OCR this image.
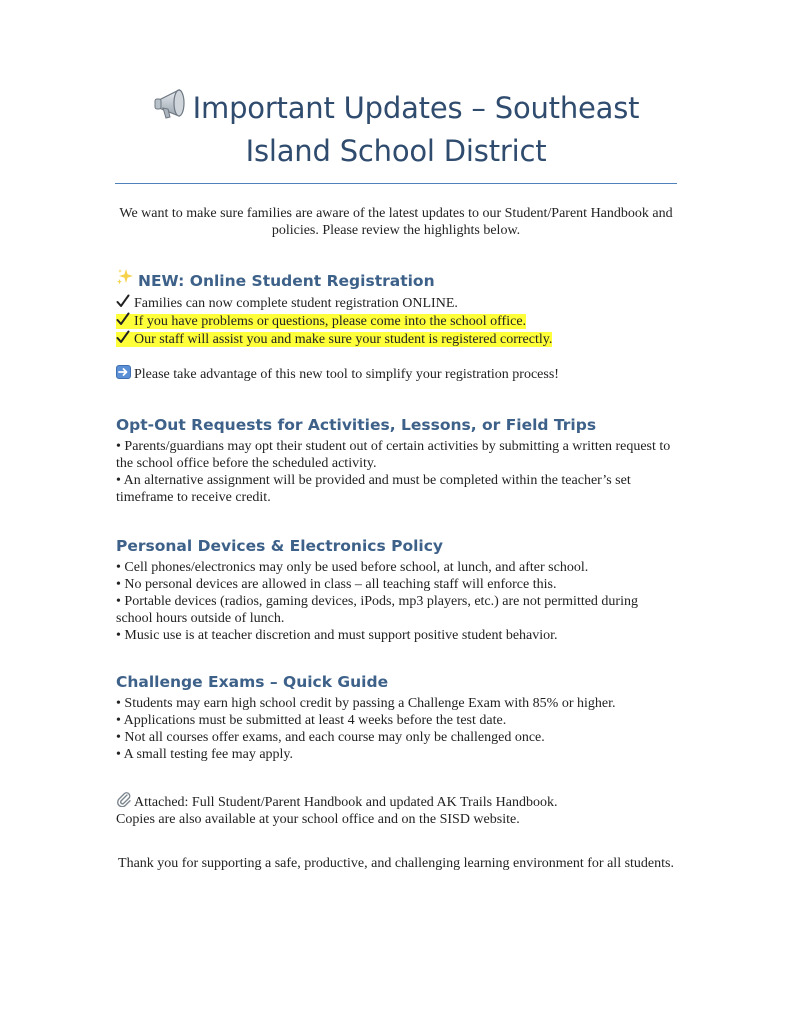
Important Updates – Southeast
Island School District
We want to make sure families are aware of the latest updates to our Student/Parent Handbook and policies. Please review the highlights below.
NEW: Online Student Registration

Families can now complete student registration ONLINE.

If you have problems or questions, please come into the school office.

Our staff will assist you and make sure your student is registered correctly.

Please take advantage of this new tool to simplify your registration process!

Opt-Out Requests for Activities, Lessons, or Field Trips

• Parents/guardians may opt their student out of certain activities by submitting a written request to the school office before the scheduled activity.

• An alternative assignment will be provided and must be completed within the teacher’s set timeframe to receive credit.

Personal Devices & Electronics Policy

• Cell phones/electronics may only be used before school, at lunch, and after school.

• No personal devices are allowed in class – all teaching staff will enforce this.

• Portable devices (radios, gaming devices, iPods, mp3 players, etc.) are not permitted during school hours outside of lunch.

• Music use is at teacher discretion and must support positive student behavior.

Challenge Exams – Quick Guide

• Students may earn high school credit by passing a Challenge Exam with 85% or higher.

• Applications must be submitted at least 4 weeks before the test date.

• Not all courses offer exams, and each course may only be challenged once.

• A small testing fee may apply.

Attached: Full Student/Parent Handbook and updated AK Trails Handbook.

Copies are also available at your school office and on the SISD website.

Thank you for supporting a safe, productive, and challenging learning environment for all students.
